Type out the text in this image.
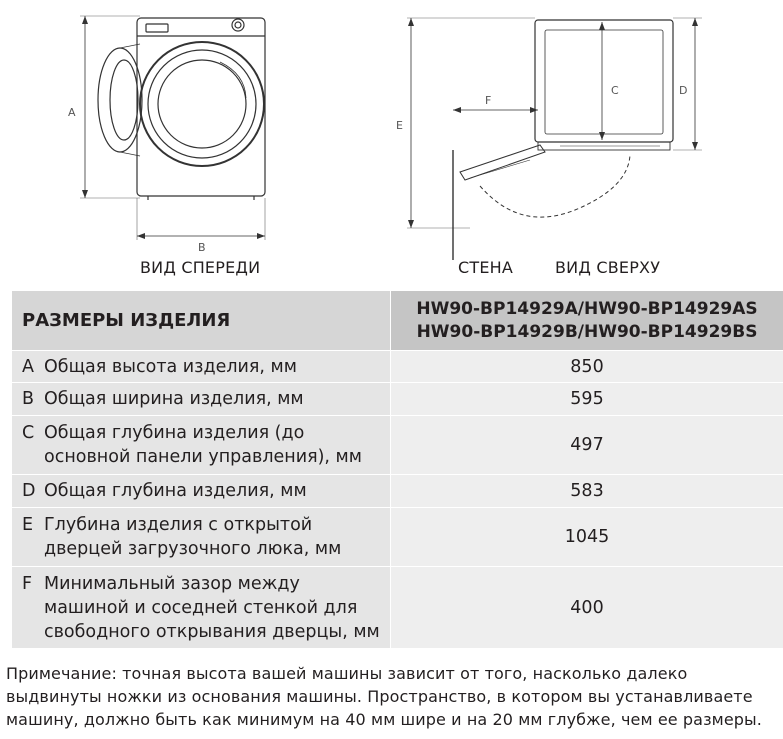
A
B
E
F
C	D
ВИД СПЕРЕДИ	СТЕНА	ВИД СВЕРХУ
РАЗМЕРЫ ИЗДЕЛИЯ	HW90-BP14929A/HW90-BP14929AS
HW90-BP14929B/HW90-BP14929BS

A Общая высота изделия, мм	850

B Общая ширина изделия, мм	595

C Общая глубина изделия (до основной панели управления), мм	497

D Общая глубина изделия, мм	583

E Глубина изделия с открытой дверцей загрузочного люка, мм	1045

F Минимальный зазор между машиной и соседней стенкой для свободного открывания дверцы, мм	400
Примечание: точная высота вашей машины зависит от того, насколько далеко выдвинуты ножки из основания машины. Пространство, в котором вы устанавливаете машину, должно быть как минимум на 40 мм шире и на 20 мм глубже, чем ее размеры.
